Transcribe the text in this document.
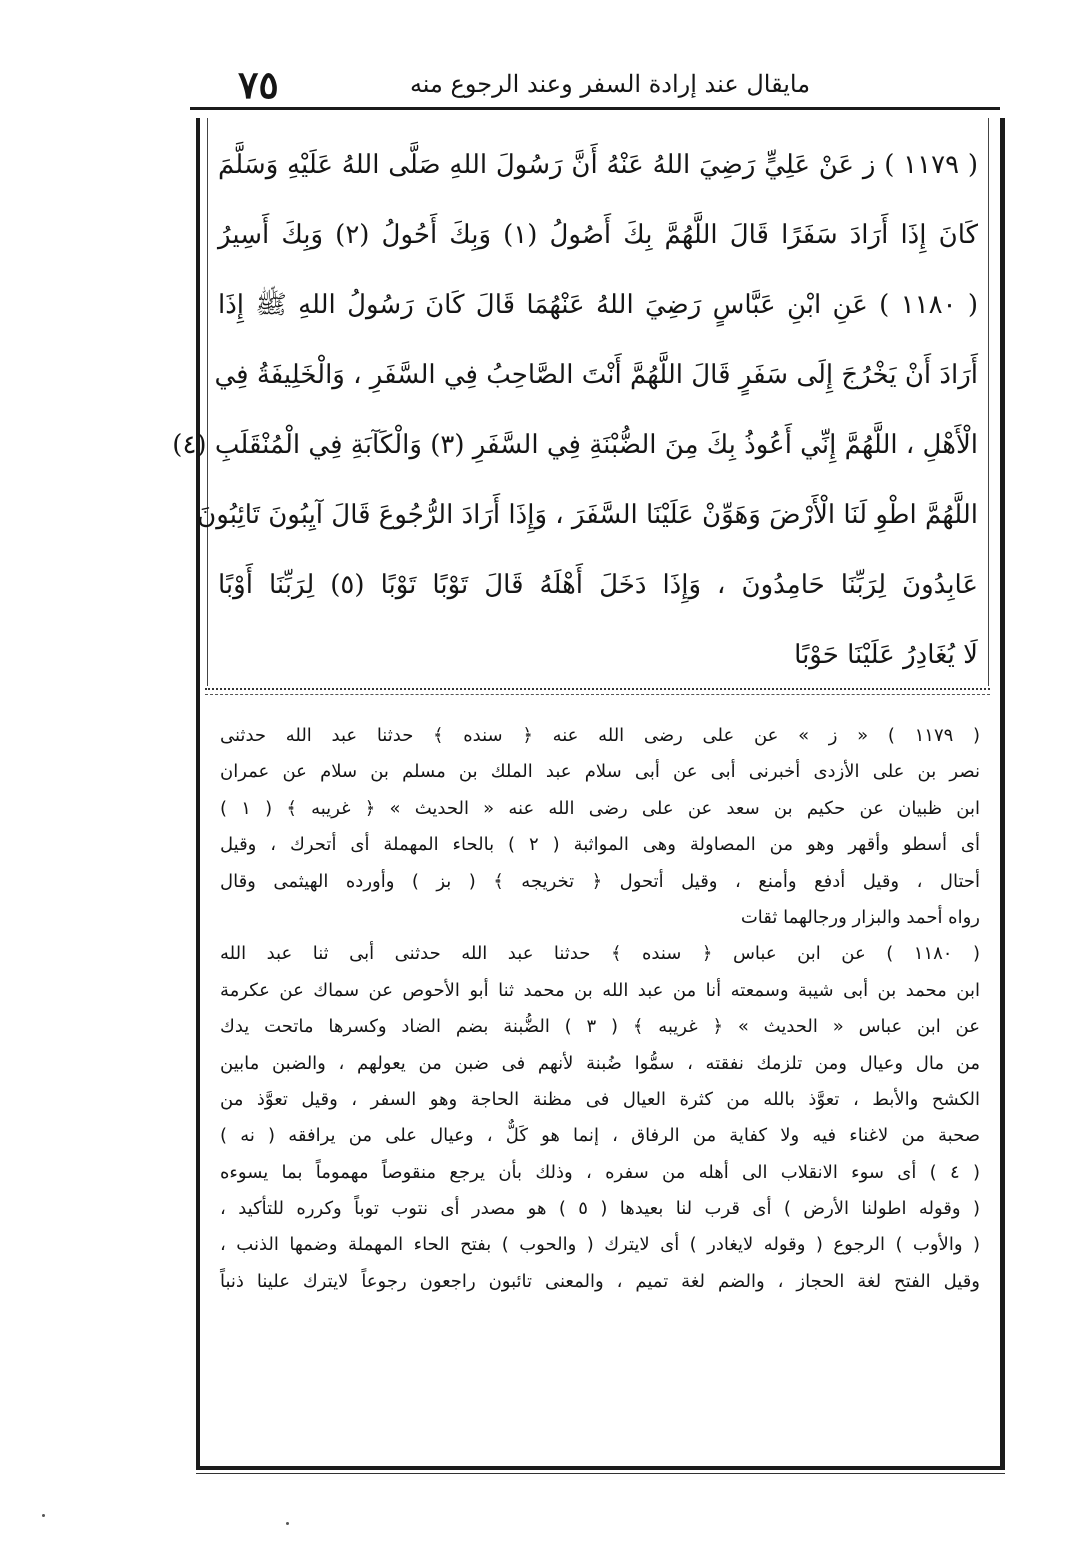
٧٥	مايقال عند إرادة السفر وعند الرجوع منه
( ١١٧٩ ) ز عَنْ عَلِيٍّ رَضِيَ اللهُ عَنْهُ أَنَّ رَسُولَ اللهِ صَلَّى اللهُ عَلَيْهِ وَسَلَّمَ
كَانَ إِذَا أَرَادَ سَفَرًا قَالَ اللَّهُمَّ بِكَ أَصُولُ (١) وَبِكَ أَحُولُ (٢) وَبِكَ أَسِيرُ
( ١١٨٠ ) عَنِ ابْنِ عَبَّاسٍ رَضِيَ اللهُ عَنْهُمَا قَالَ كَانَ رَسُولُ اللهِ ﷺ إِذَا
أَرَادَ أَنْ يَخْرُجَ إِلَى سَفَرٍ قَالَ اللَّهُمَّ أَنْتَ الصَّاحِبُ فِي السَّفَرِ ، وَالْخَلِيفَةُ فِي
الْأَهْلِ ، اللَّهُمَّ إِنِّي أَعُوذُ بِكَ مِنَ الضُّبْنَةِ فِي السَّفَرِ (٣) وَالْكَآبَةِ فِي الْمُنْقَلَبِ (٤)
اللَّهُمَّ اطْوِ لَنَا الْأَرْضَ وَهَوِّنْ عَلَيْنَا السَّفَرَ ، وَإِذَا أَرَادَ الرُّجُوعَ قَالَ آيِبُونَ تَائِبُونَ
عَابِدُونَ لِرَبِّنَا حَامِدُونَ ، وَإِذَا دَخَلَ أَهْلَهُ قَالَ تَوْبًا تَوْبًا (٥) لِرَبِّنَا أَوْبًا
لَا يُغَادِرُ عَلَيْنَا حَوْبًا
( ١١٧٩ ) « ز » عن على رضى الله عنه ﴿ سنده ﴾ حدثنا عبد الله حدثنى
نصر بن على الأزدى أخبرنى أبى عن أبى سلام عبد الملك بن مسلم بن سلام عن عمران
ابن ظبيان عن حكيم بن سعد عن على رضى الله عنه « الحديث » ﴿ غريبه ﴾ ( ١ )
أى أسطو وأقهر وهو من المصاولة وهى المواثبة ( ٢ ) بالحاء المهملة أى أتحرك ، وقيل
أحتال ، وقيل أدفع وأمنع ، وقيل أتحول ﴿ تخريجه ﴾ ( بز ) وأورده الهيثمى وقال
رواه أحمد والبزار ورجالهما ثقات
( ١١٨٠ ) عن ابن عباس ﴿ سنده ﴾ حدثنا عبد الله حدثنى أبى ثنا عبد الله
ابن محمد بن أبى شيبة وسمعته أنا من عبد الله بن محمد ثنا أبو الأحوص عن سماك عن عكرمة
عن ابن عباس « الحديث » ﴿ غريبه ﴾ ( ٣ ) الضُّبنة بضم الضاد وكسرها ماتحت يدك
من مال وعيال ومن تلزمك نفقته ، سمُّوا ضُبنة لأنهم فى ضبن من يعولهم ، والضبن مابين
الكشح والأبط ، تعوَّذ بالله من كثرة العيال فى مظنة الحاجة وهو السفر ، وقيل تعوَّذ من
صحبة من لاغناء فيه ولا كفاية من الرفاق ، إنما هو كَلٌّ ، وعيال على من يرافقه ( نه )
( ٤ ) أى سوء الانقلاب الى أهله من سفره ، وذلك بأن يرجع منقوصاً مهموماً بما يسوءه
( وقوله اطولنا الأرض ) أى قرب لنا بعيدها ( ٥ ) هو مصدر أى نتوب توباً وكرره للتأكيد ،
( والأوب ) الرجوع ( وقوله لايغادر ) أى لايترك ( والحوب ) بفتح الحاء المهملة وضمها الذنب ،
وقيل الفتح لغة الحجاز ، والضم لغة تميم ، والمعنى تائبون راجعون رجوعاً لايترك علينا ذنباً
